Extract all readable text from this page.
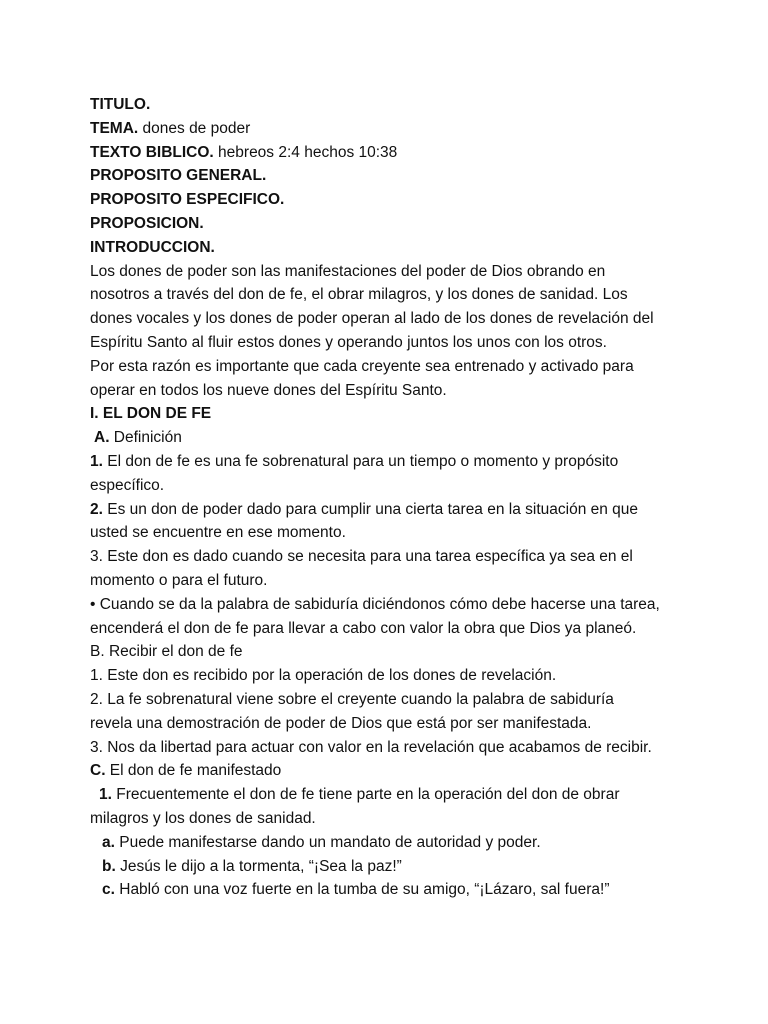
TITULO.
TEMA. dones de poder
TEXTO BIBLICO. hebreos 2:4 hechos 10:38
PROPOSITO GENERAL.
PROPOSITO ESPECIFICO.
PROPOSICION.
INTRODUCCION.
Los dones de poder son las manifestaciones del poder de Dios obrando en
nosotros a través del don de fe, el obrar milagros, y los dones de sanidad. Los
dones vocales y los dones de poder operan al lado de los dones de revelación del
Espíritu Santo al fluir estos dones y operando juntos los unos con los otros.
Por esta razón es importante que cada creyente sea entrenado y activado para
operar en todos los nueve dones del Espíritu Santo.
I. EL DON DE FE
A. Definición
1. El don de fe es una fe sobrenatural para un tiempo o momento y propósito
específico.
2. Es un don de poder dado para cumplir una cierta tarea en la situación en que
usted se encuentre en ese momento.
3. Este don es dado cuando se necesita para una tarea específica ya sea en el
momento o para el futuro.
• Cuando se da la palabra de sabiduría diciéndonos cómo debe hacerse una tarea,
encenderá el don de fe para llevar a cabo con valor la obra que Dios ya planeó.
B. Recibir el don de fe
1. Este don es recibido por la operación de los dones de revelación.
2. La fe sobrenatural viene sobre el creyente cuando la palabra de sabiduría
revela una demostración de poder de Dios que está por ser manifestada.
3. Nos da libertad para actuar con valor en la revelación que acabamos de recibir.
C. El don de fe manifestado
1. Frecuentemente el don de fe tiene parte en la operación del don de obrar
milagros y los dones de sanidad.
a. Puede manifestarse dando un mandato de autoridad y poder.
b. Jesús le dijo a la tormenta, “¡Sea la paz!”
c. Habló con una voz fuerte en la tumba de su amigo, “¡Lázaro, sal fuera!”
